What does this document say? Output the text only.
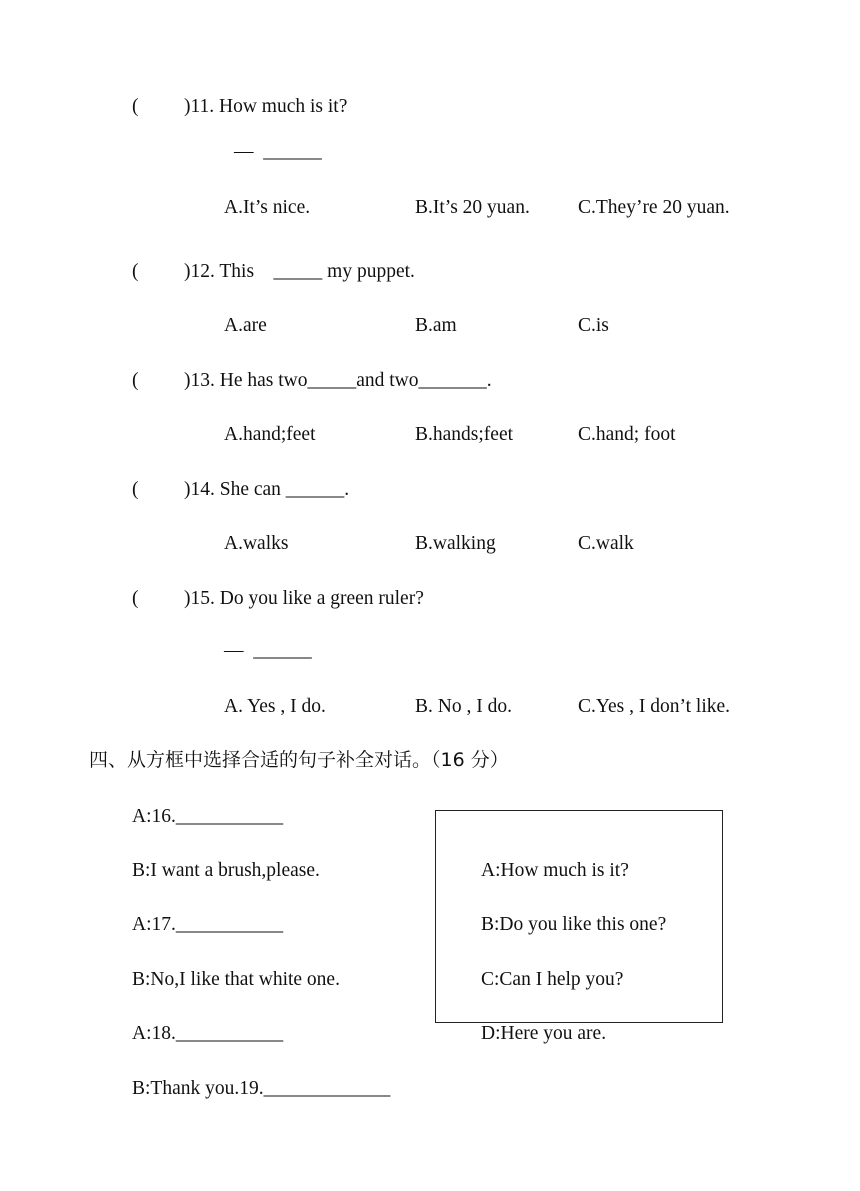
( )11. How much is it?
—  ______
A.It’s nice.	B.It’s 20 yuan. C.They’re 20 yuan.
( )12. This    _____ my puppet.
A.are	B.am	C.is
( )13. He has two_____and two_______.
A.hand;feet	B.hands;feet	C.hand; foot
( )14. She can ______.
A.walks	B.walking	C.walk
( )15. Do you like a green ruler?
—  ______
A. Yes , I do.	B. No , I do.	C.Yes , I don’t like.
四、从方框中选择合适的句子补全对话。（16 分）
A:16.___________
B:I want a brush,please.
A:17.___________
B:No,I like that white one.
A:18.___________
B:Thank you.19._____________
A:How much is it?
B:Do you like this one?
C:Can I help you?
D:Here you are.
